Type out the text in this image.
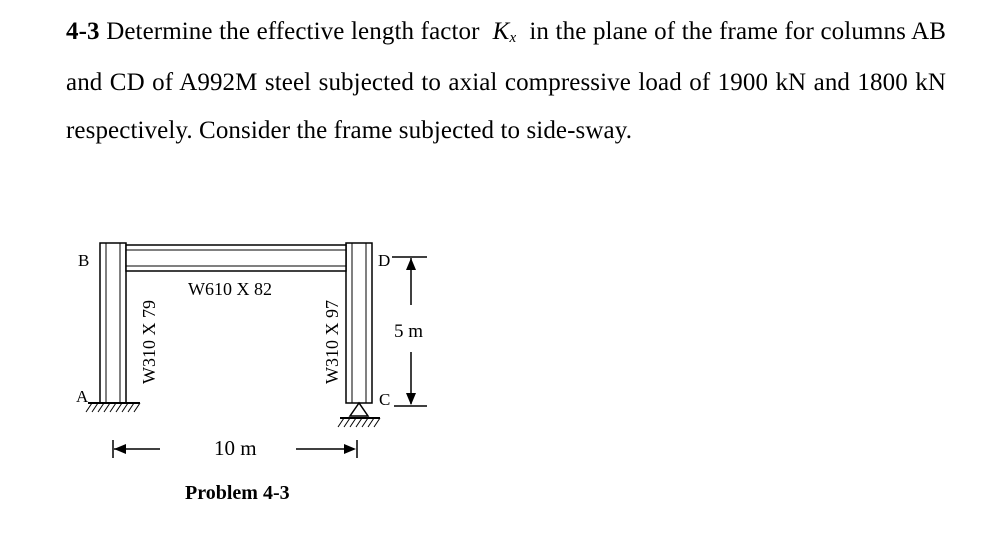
4-3 Determine the effective length factor $K_x$ in the plane of the frame for columns AB and CD of A992M steel subjected to axial compressive load of 1900 kN and 1800 kN respectively. Consider the frame subjected to side-sway.
B
A
D
C
W610 X 82
W310 X 79	W310 X 97
10 m
5 m
Problem 4-3
